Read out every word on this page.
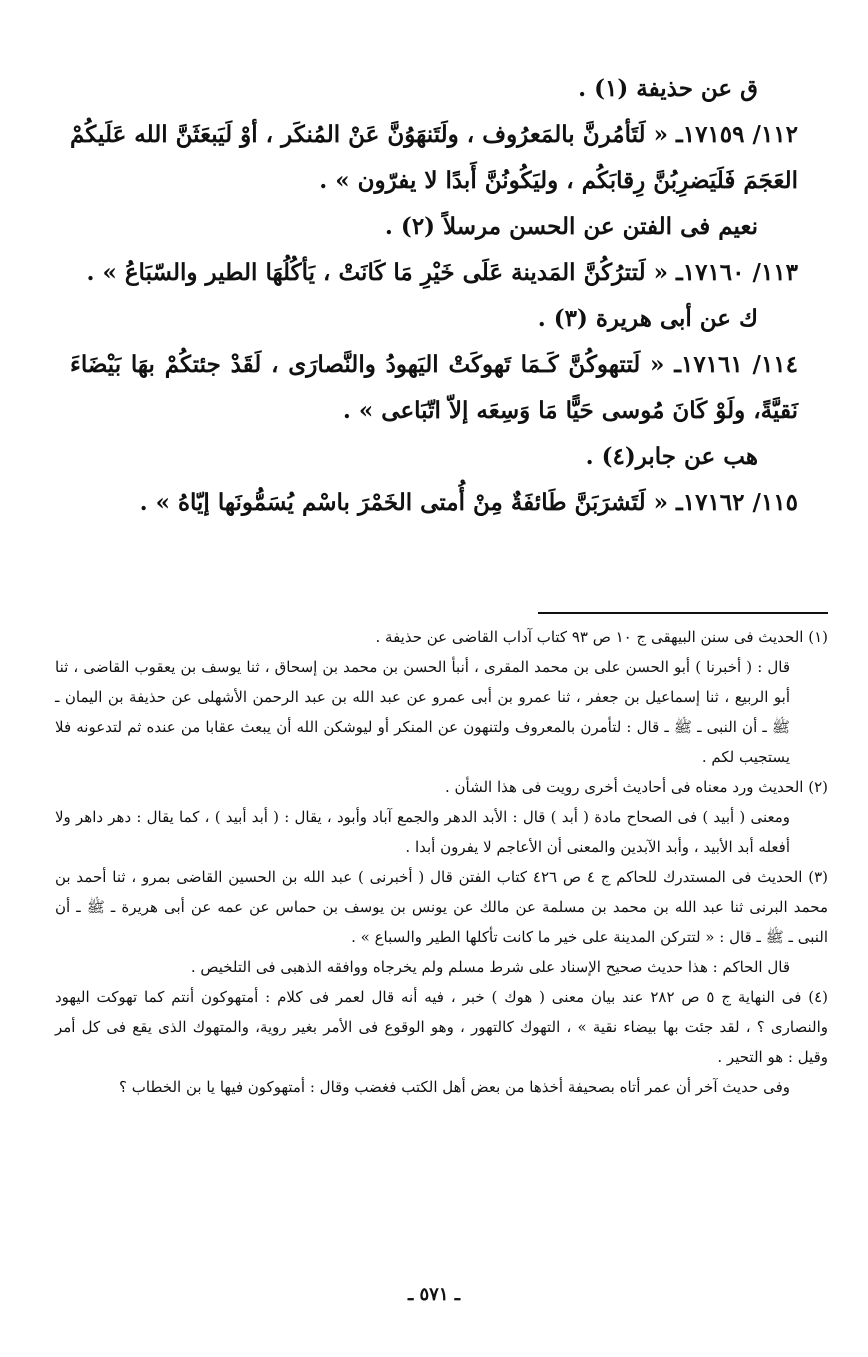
ق عن حذيفة (١) .

١١٢/ ١٧١٥٩ـ « لَتَأمُرنَّ بالمَعرُوف ، ولَتَنهَوُنَّ عَنْ المُنكَر ، أوْ لَيَبعَثَنَّ الله عَلَيكُمْ العَجَمَ فَلَيَضرِبُنَّ رِقابَكُم ، وليَكُونُنَّ أَبدًا لا يفرّون » .

نعيم فى الفتن عن الحسن مرسلاً (٢) .

١١٣/ ١٧١٦٠ـ « لَتترُكُنَّ المَدينة عَلَى خَيْرِ مَا كَانَتْ ، يَأكُلُهَا الطير والسّبَاعُ » .

ك عن أبى هريرة (٣) .

١١٤/ ١٧١٦١ـ « لَتتهوكُنَّ كَـمَا تَهوكَتْ اليَهودُ والنَّصارَى ، لَقَدْ جئتكُمْ بهَا بَيْضَاءَ نَقيَّةً، ولَوْ كَانَ مُوسى حَيًّا مَا وَسِعَه إلاّ اتّبَاعى » .

هب عن جابر(٤) .

١١٥/ ١٧١٦٢ـ « لَتَشرَبَنَّ طَائفَةٌ مِنْ أُمتى الخَمْرَ باسْم يُسَمُّونَها إيّاهُ » .

(١) الحديث فى سنن البيهقى ج ١٠ ص ٩٣ كتاب آداب القاضى عن حذيفة .

قال : ( أخبرنا ) أبو الحسن على بن محمد المقرى ، أنبأ الحسن بن محمد بن إسحاق ، ثنا يوسف بن يعقوب القاضى ، ثنا أبو الربيع ، ثنا إسماعيل بن جعفر ، ثنا عمرو بن أبى عمرو عن عبد الله بن عبد الرحمن الأشهلى عن حذيفة بن اليمان ـ ﷺ ـ أن النبى ـ ﷺ ـ قال : لتأمرن بالمعروف ولتنهون عن المنكر أو ليوشكن الله أن يبعث عقابا من عنده ثم لتدعونه فلا يستجيب لكم .

(٢) الحديث ورد معناه فى أحاديث أخرى رويت فى هذا الشأن .

ومعنى ( أبيد ) فى الصحاح مادة ( أبد ) قال : الأبد الدهر والجمع آباد وأبود ، يقال : ( أبد أبيد ) ، كما يقال : دهر داهر ولا أفعله أبد الأبيد ، وأبد الآبدين والمعنى أن الأعاجم لا يفرون أبدا .

(٣) الحديث فى المستدرك للحاكم ج ٤ ص ٤٢٦ كتاب الفتن قال ( أخبرنى ) عبد الله بن الحسين القاضى بمرو ، ثنا أحمد بن محمد البرنى ثنا عبد الله بن محمد بن مسلمة عن مالك عن يونس بن يوسف بن حماس عن عمه عن أبى هريرة ـ ﷺ ـ أن النبى ـ ﷺ ـ قال : « لتتركن المدينة على خير ما كانت تأكلها الطير والسباع » .

قال الحاكم : هذا حديث صحيح الإسناد على شرط مسلم ولم يخرجاه ووافقه الذهبى فى التلخيص .

(٤) فى النهاية ج ٥ ص ٢٨٢ عند بيان معنى ( هوك ) خبر ، فيه أنه قال لعمر فى كلام : أمتهوكون أنتم كما تهوكت اليهود والنصارى ؟ ، لقد جئت بها بيضاء نقية » ، التهوك كالتهور ، وهو الوقوع فى الأمر بغير روية، والمتهوك الذى يقع فى كل أمر وقيل : هو التحير .

وفى حديث آخر أن عمر أتاه بصحيفة أخذها من بعض أهل الكتب فغضب وقال : أمتهوكون فيها يا بن الخطاب ؟

ـ ٥٧١ ـ
